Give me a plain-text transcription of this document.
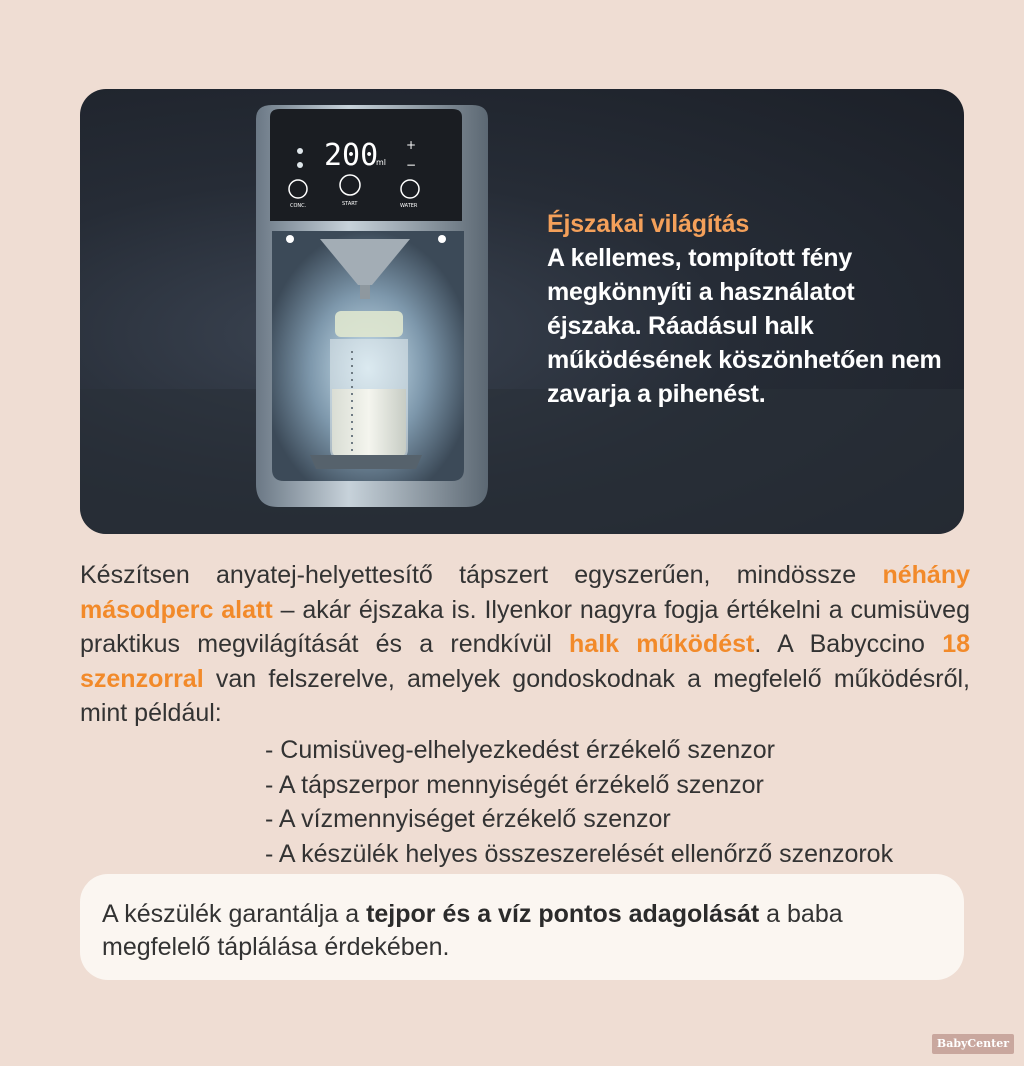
200
ml
+
−
CONC.	START	WATER
Éjszakai világítás
A kellemes, tompított fény megkönnyíti a használatot éjszaka. Ráadásul halk működésének köszönhetően nem zavarja a pihenést.

Készítsen anyatej-helyettesítő tápszert egyszerűen, mindössze néhány másodperc alatt – akár éjszaka is. Ilyenkor nagyra fogja értékelni a cumisüveg praktikus megvilágítását és a rendkívül halk működést. A Babyccino 18 szenzorral van felszerelve, amelyek gondoskodnak a megfelelő működésről, mint például:

- Cumisüveg-elhelyezkedést érzékelő szenzor
- A tápszerpor mennyiségét érzékelő szenzor
- A vízmennyiséget érzékelő szenzor
- A készülék helyes összeszerelését ellenőrző szenzorok
A készülék garantálja a tejpor és a víz pontos adagolását a baba megfelelő táplálása érdekében.
BabyCenter
